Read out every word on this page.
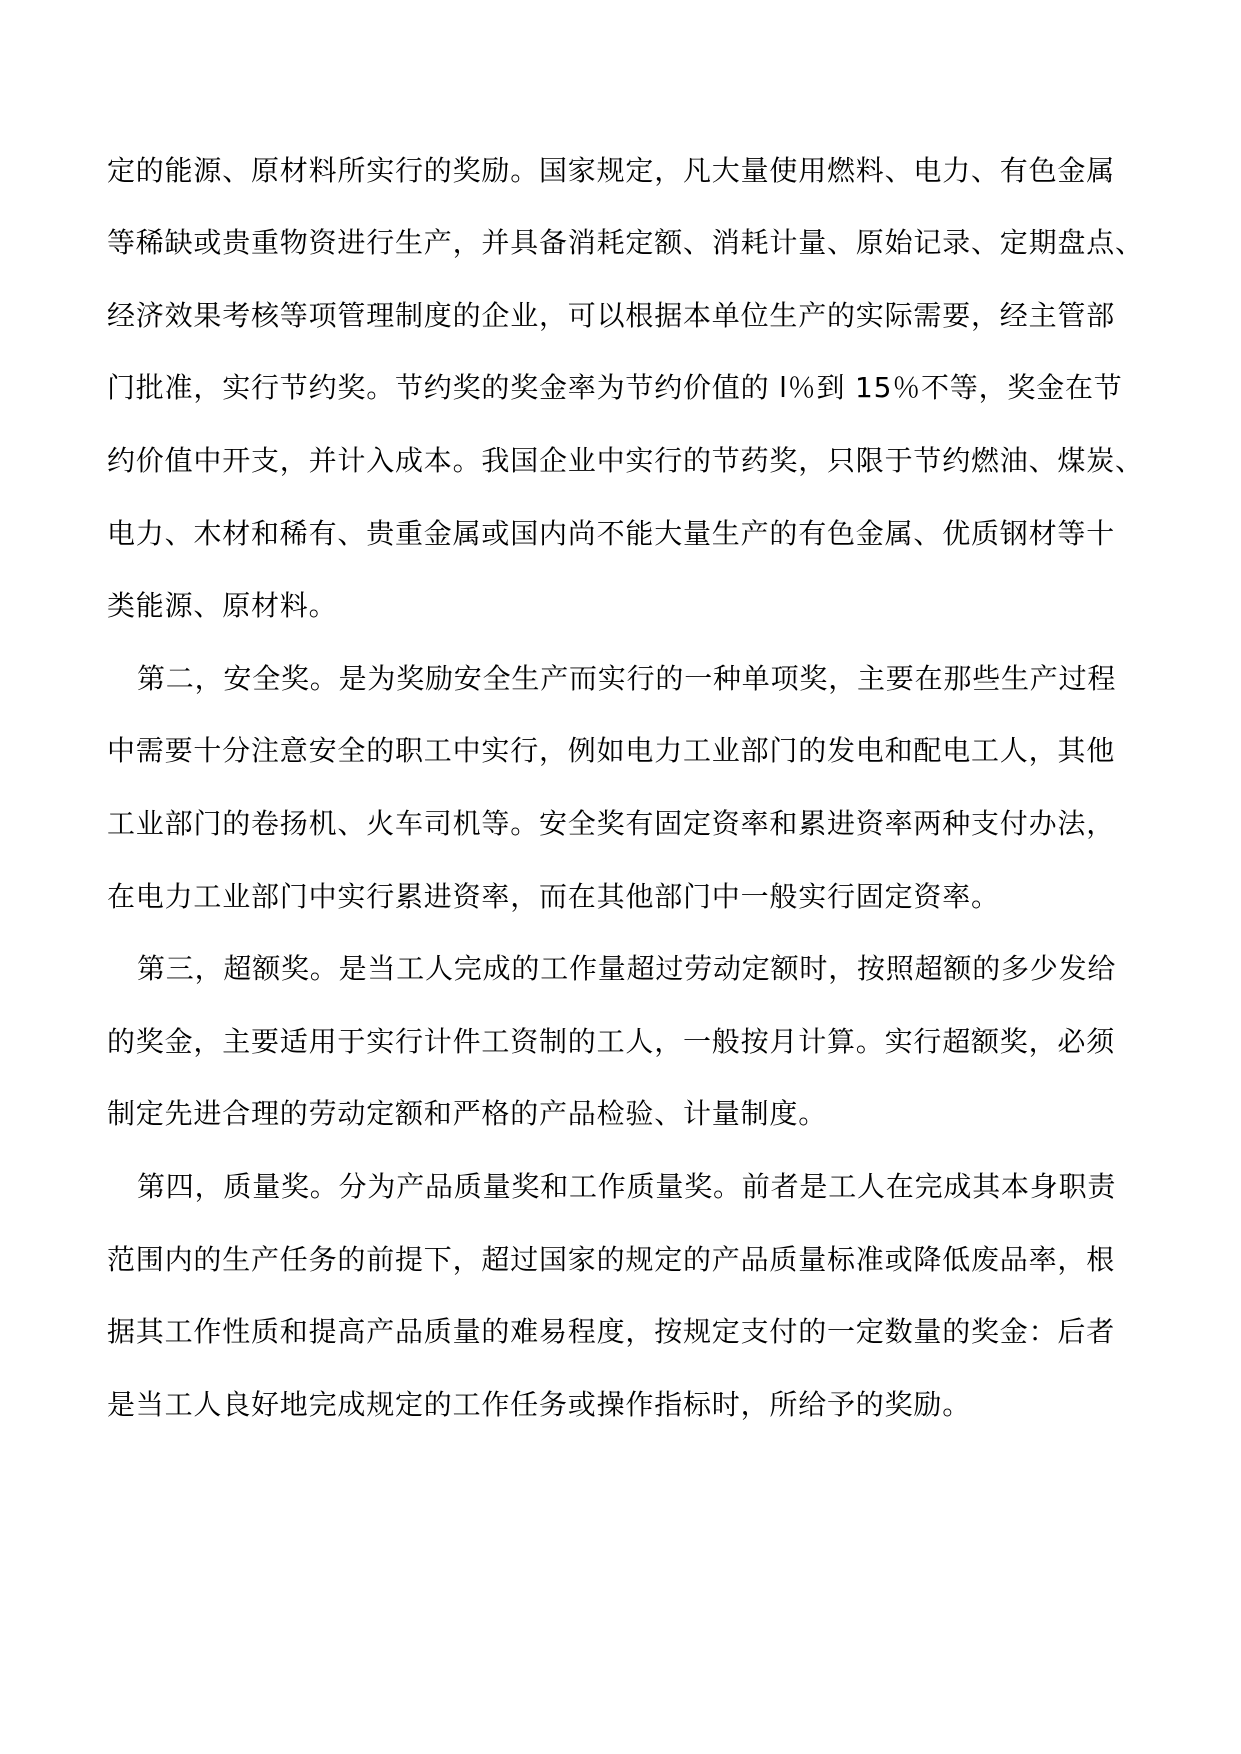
定的能源、原材料所实行的奖励。国家规定，凡大量使用燃料、电力、有色金属
等稀缺或贵重物资进行生产，并具备消耗定额、消耗计量、原始记录、定期盘点、
经济效果考核等项管理制度的企业，可以根据本单位生产的实际需要，经主管部
门批准，实行节约奖。节约奖的奖金率为节约价值的 l％到 15％不等，奖金在节
约价值中开支，并计入成本。我国企业中实行的节药奖，只限于节约燃油、煤炭、
电力、木材和稀有、贵重金属或国内尚不能大量生产的有色金属、优质钢材等十
类能源、原材料。
第二，安全奖。是为奖励安全生产而实行的一种单项奖，主要在那些生产过程
中需要十分注意安全的职工中实行，例如电力工业部门的发电和配电工人，其他
工业部门的卷扬机、火车司机等。安全奖有固定资率和累进资率两种支付办法，
在电力工业部门中实行累进资率，而在其他部门中一般实行固定资率。
第三，超额奖。是当工人完成的工作量超过劳动定额时，按照超额的多少发给
的奖金，主要适用于实行计件工资制的工人，一般按月计算。实行超额奖，必须
制定先进合理的劳动定额和严格的产品检验、计量制度。
第四，质量奖。分为产品质量奖和工作质量奖。前者是工人在完成其本身职责
范围内的生产任务的前提下，超过国家的规定的产品质量标准或降低废品率，根
据其工作性质和提高产品质量的难易程度，按规定支付的一定数量的奖金：后者
是当工人良好地完成规定的工作任务或操作指标时，所给予的奖励。
